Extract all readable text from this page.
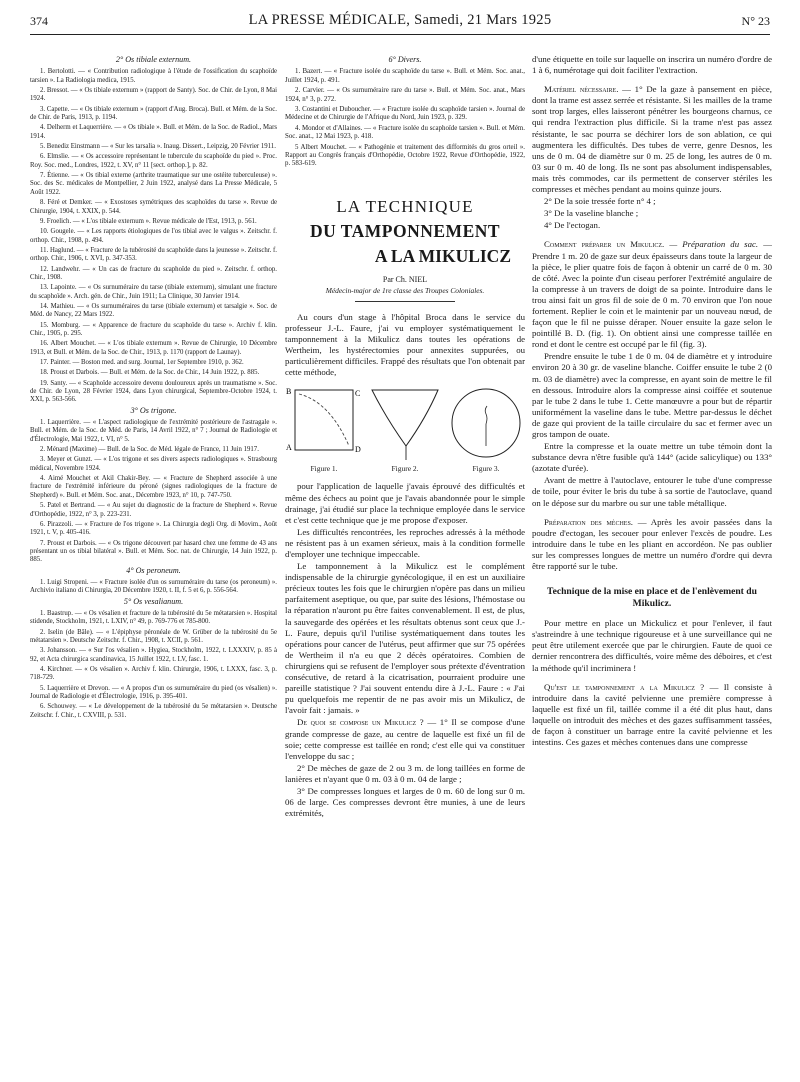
374	LA PRESSE MÉDICALE, Samedi, 21 Mars 1925	N° 23
2° Os tibiale externum.

1. Bertolotti. — « Contribution radiologique à l'étude de l'ossification du scaphoïde tarsien ». La Radiologia medica, 1915.

2. Bressot. — « Os tibiale externum » (rapport de Santy). Soc. de Chir. de Lyon, 8 Mai 1924.

3. Capette. — « Os tibiale externum » (rapport d'Aug. Broca). Bull. et Mém. de la Soc. de Chir. de Paris, 1913, p. 1194.

4. Delherm et Laquerrière. — « Os tibiale ». Bull. et Mém. de la Soc. de Radiol., Mars 1914.

5. Benediz Einstmann — « Sur les tarsalia ». Inaug. Dissert., Leipzig, 20 Février 1911.

6. Elmslie. — « Os accessoire représentant le tubercule du scaphoïde du pied ». Proc. Roy. Soc. med., Londres, 1922, t. XV, n° 11 [sect. orthop.], p. 82.

7. Étienne. — « Os tibial externe (arthrite traumatique sur une ostéite tuberculeuse) ». Soc. des Sc. médicales de Montpellier, 2 Juin 1922, analysé dans La Presse Médicale, 5 Août 1922.

8. Féré et Demker. — « Exostoses symétriques des scaphoïdes du tarse ». Revue de Chirurgie, 1904, t. XXIX, p. 544.

9. Froelich. — « L'os tibiale externum ». Revue médicale de l'Est, 1913, p. 561.

10. Gougele. — « Les rapports étiologiques de l'os tibial avec le valgus ». Zeitschr. f. orthop. Chir., 1908, p. 494.

11. Haglund. — « Fracture de la tubérosité du scaphoïde dans la jeunesse ». Zeitschr. f. orthop. Chir., 1906, t. XVI, p. 347-353.

12. Landwehr. — « Un cas de fracture du scaphoïde du pied ». Zeitschr. f. orthop. Chir., 1908.

13. Lapointe. — « Os surnuméraire du tarse (tibiale externum), simulant une fracture du scaphoïde ». Arch. gén. de Chir., Juin 1911; La Clinique, 30 Janvier 1914.

14. Mathieu. — « Os surnuméraires du tarse (tibiale externum) et tarsalgie ». Soc. de Méd. de Nancy, 22 Mars 1922.

15. Momburg. — « Apparence de fracture du scaphoïde du tarse ». Archiv f. klin. Chir., 1905, p. 295.

16. Albert Mouchet. — « L'os tibiale externum ». Revue de Chirurgie, 10 Décembre 1913, et Bull. et Mém. de la Soc. de Chir., 1913, p. 1170 (rapport de Launay).

17. Painter. — Boston med. and surg. Journal, 1er Septembre 1910, p. 362.

18. Proust et Darbois. — Bull. et Mém. de la Soc. de Chir., 14 Juin 1922, p. 885.

19. Santy. — « Scaphoïde accessoire devenu douloureux après un traumatisme ». Soc. de Chir. de Lyon, 28 Février 1924, dans Lyon chirurgical, Septembre-Octobre 1924, t. XXI, p. 563-566.

3° Os trigone.

1. Laquerrière. — « L'aspect radiologique de l'extrémité postérieure de l'astragale ». Bull. et Mém. de la Soc. de Méd. de Paris, 14 Avril 1922, n° 7 ; Journal de Radiologie et d'Électrologie, Mai 1922, t. VI, n° 5.

2. Ménard (Maxime) — Bull. de la Soc. de Méd. légale de France, 11 Juin 1917.

3. Meyer et Gunzt. — « L'os trigone et ses divers aspects radiologiques ». Strasbourg médical, Novembre 1924.

4. Aimé Mouchet et Akil Chakir-Bey. — « Fracture de Shepherd associée à une fracture de l'extrémité inférieure du péroné (signes radiologiques de la fracture de Shepherd) ». Bull. et Mém. Soc. anat., Décembre 1923, n° 10, p. 747-750.

5. Patel et Bertrand. — « Au sujet du diagnostic de la fracture de Shepherd ». Revue d'Orthopédie, 1922, n° 3, p. 223-231.

6. Pirazzoli. — « Fracture de l'os trigone ». La Chirurgia degli Org. di Movim., Août 1921, t. V, p. 405-416.

7. Proust et Darbois. — « Os trigone découvert par hasard chez une femme de 43 ans présentant un os tibial bilatéral ». Bull. et Mém. Soc. nat. de Chirurgie, 14 Juin 1922, p. 885.

4° Os peroneum.

1. Luigi Stropeni. — « Fracture isolée d'un os surnuméraire du tarse (os peroneum) ». Archivio italiano di Chirurgia, 20 Décembre 1920, t. II, f. 5 et 6, p. 556-564.

5° Os vesalianum.

1. Baastrup. — « Os vésalien et fracture de la tubérosité du 5e métatarsien ». Hospital stidende, Stockholm, 1921, t. LXIV, n° 49, p. 769-776 et 785-800.

2. Iselin (de Bâle). — « L'épiphyse péronéale de W. Grüber de la tubérosité du 5e métatarsien ». Deutsche Zeitschr. f. Chir., 1908, t. XCII, p. 561.

3. Johansson. — « Sur l'os vésalien ». Hygiea, Stockholm, 1922, t. LXXXIV, p. 85 à 92, et Acta chirurgica scandinavica, 15 Juillet 1922, t. LV, fasc. 1.

4. Kirchner. — « Os vésalien ». Archiv f. klin. Chirurgie, 1906, t. LXXX, fasc. 3, p. 718-729.

5. Laquerrière et Drevon. — « A propos d'un os surnuméraire du pied (os vésalien) ». Journal de Radiologie et d'Électrologie, 1916, p. 395-401.

6. Schouwey. — « Le développement de la tubérosité du 5e métatarsien ». Deutsche Zeitschr. f. Chir., t. CXVIII, p. 531.

6° Divers.

1. Bazert. — « Fracture isolée du scaphoïde du tarse ». Bull. et Mém. Soc. anat., Juillet 1924, p. 491.

2. Carvier. — « Os surnuméraire rare du tarse ». Bull. et Mém. Soc. anat., Mars 1924, n° 3, p. 272.

3. Costantini et Duboucher. — « Fracture isolée du scaphoïde tarsien ». Journal de Médecine et de Chirurgie de l'Afrique du Nord, Juin 1923, p. 329.

4. Mondor et d'Allaines. — « Fracture isolée du scaphoïde tarsien ». Bull. et Mém. Soc. anat., 12 Mai 1923, p. 418.

5 Albert Mouchet. — « Pathogénie et traitement des difformités du gros orteil ». Rapport au Congrès français d'Orthopédie, Octobre 1922, Revue d'Orthopédie, 1922, p. 583-619.

LA TECHNIQUE
DU TAMPONNEMENT
A LA MIKULICZ
Par Ch. NIEL
Médecin-major de 1re classe des Troupes Coloniales.

Au cours d'un stage à l'hôpital Broca dans le service du professeur J.-L. Faure, j'ai vu employer systématiquement le tamponnement à la Mikulicz dans toutes les opérations de Wertheim, les hystérectomies pour annexites suppurées, ou particulièrement difficiles. Frappé des résultats que l'on obtenait par cette méthode,

B
A
C
D
Figure 1.	Figure 2.	Figure 3.

pour l'application de laquelle j'avais éprouvé des difficultés et même des échecs au point que je l'avais abandonnée pour le simple drainage, j'ai étudié sur place la technique employée dans le service et c'est cette technique que je me propose d'exposer.

Les difficultés rencontrées, les reproches adressés à la méthode ne résistent pas à un examen sérieux, mais à la condition formelle d'employer une technique impeccable.

Le tamponnement à la Mikulicz est le complément indispensable de la chirurgie gynécologique, il en est un auxiliaire précieux toutes les fois que le chirurgien n'opère pas dans un milieu parfaitement aseptique, ou que, par suite des lésions, l'hémostase ou la réparation n'auront pu être faites convenablement. Il est, de plus, la sauvegarde des opérées et les résultats obtenus sont ceux que J.-L. Faure, depuis qu'il l'utilise systématiquement dans toutes les opérations pour cancer de l'utérus, peut affirmer que sur 75 opérées de Wertheim il n'a eu que 2 décès opératoires. Combien de chirurgiens qui se refusent de l'employer sous prétexte d'éventration consécutive, de retard à la cicatrisation, pourraient produire une pareille statistique ? J'ai souvent entendu dire à J.-L. Faure : « J'ai pu quelquefois me repentir de ne pas avoir mis un Mikulicz, de l'avoir fait : jamais. »

De quoi se compose un Mikulicz ? — 1° Il se compose d'une grande compresse de gaze, au centre de laquelle est fixé un fil de soie; cette compresse est taillée en rond; c'est elle qui va constituer l'enveloppe du sac ;

2° De mèches de gaze de 2 ou 3 m. de long taillées en forme de lanières et n'ayant que 0 m. 03 à 0 m. 04 de large ;

3° De compresses longues et larges de 0 m. 60 de long sur 0 m. 06 de large. Ces compresses devront être munies, à une de leurs extrémités,

d'une étiquette en toile sur laquelle on inscrira un numéro d'ordre de 1 à 6, numérotage qui doit faciliter l'extraction.

Matériel nécessaire. — 1° De la gaze à pansement en pièce, dont la trame est assez serrée et résistante. Si les mailles de la trame sont trop larges, elles laisseront pénétrer les bourgeons charnus, ce qui rendra l'extraction plus difficile. Si la trame n'est pas assez résistante, le sac pourra se déchirer lors de son ablation, ce qui augmentera les difficultés. Des tubes de verre, genre Desnos, les uns de 0 m. 04 de diamètre sur 0 m. 25 de long, les autres de 0 m. 03 sur 0 m. 40 de long. Ils ne sont pas absolument indispensables, mais très commodes, car ils permettent de conserver stériles les compresses et mèches pendant au moins quinze jours.

2° De la soie tressée forte n° 4 ;

3° De la vaseline blanche ;

4° De l'ectogan.

Comment préparer un Mikulicz. — Préparation du sac. — Prendre 1 m. 20 de gaze sur deux épaisseurs dans toute la largeur de la pièce, le plier quatre fois de façon à obtenir un carré de 0 m. 30 de côté. Avec la pointe d'un ciseau perforer l'extrémité angulaire de la compresse à un travers de doigt de sa pointe. Introduire dans le trou ainsi fait un gros fil de soie de 0 m. 70 environ que l'on noue fortement. Replier le coin et le maintenir par un nouveau nœud, de façon que le fil ne puisse déraper. Nouer ensuite la gaze selon le pointillé B. D. (fig. 1). On obtient ainsi une compresse taillée en rond et dont le centre est occupé par le fil (fig. 3).

Prendre ensuite le tube 1 de 0 m. 04 de diamètre et y introduire environ 20 à 30 gr. de vaseline blanche. Coiffer ensuite le tube 2 (0 m. 03 de diamètre) avec la compresse, en ayant soin de mettre le fil en dessous. Introduire alors la compresse ainsi coiffée et soutenue par le tube 2 dans le tube 1. Cette manœuvre a pour but de répartir uniformément la vaseline dans le tube. Mettre par-dessus le déchet de gaze qui provient de la taille circulaire du sac et fermer avec un gros tampon de ouate.

Entre la compresse et la ouate mettre un tube témoin dont la substance devra n'être fusible qu'à 144° (acide salicylique) ou 133° (azotate d'urée).

Avant de mettre à l'autoclave, entourer le tube d'une compresse de toile, pour éviter le bris du tube à sa sortie de l'autoclave, quand on le dépose sur du marbre ou sur une table métallique.

Préparation des mèches. — Après les avoir passées dans la poudre d'ectogan, les secouer pour enlever l'excès de poudre. Les introduire dans le tube en les pliant en accordéon. Ne pas oublier sur les compresses longues de mettre un numéro d'ordre qui devra être rapporté sur le tube.

Technique de la mise en place et de l'enlèvement du Mikulicz.

Pour mettre en place un Mickulicz et pour l'enlever, il faut s'astreindre à une technique rigoureuse et à une surveillance qui ne peut être utilement exercée que par le chirurgien. Faute de quoi ce dernier rencontrera des difficultés, voire même des déboires, et c'est la méthode qu'il incriminera !

Qu'est le tamponnement a la Mikulicz ? — Il consiste à introduire dans la cavité pelvienne une première compresse à laquelle est fixé un fil, taillée comme il a été dit plus haut, dans laquelle on introduit des mèches et des gazes suffisamment tassées, de façon à constituer un barrage entre la cavité pelvienne et les intestins. Ces gazes et mèches contenues dans une compresse
